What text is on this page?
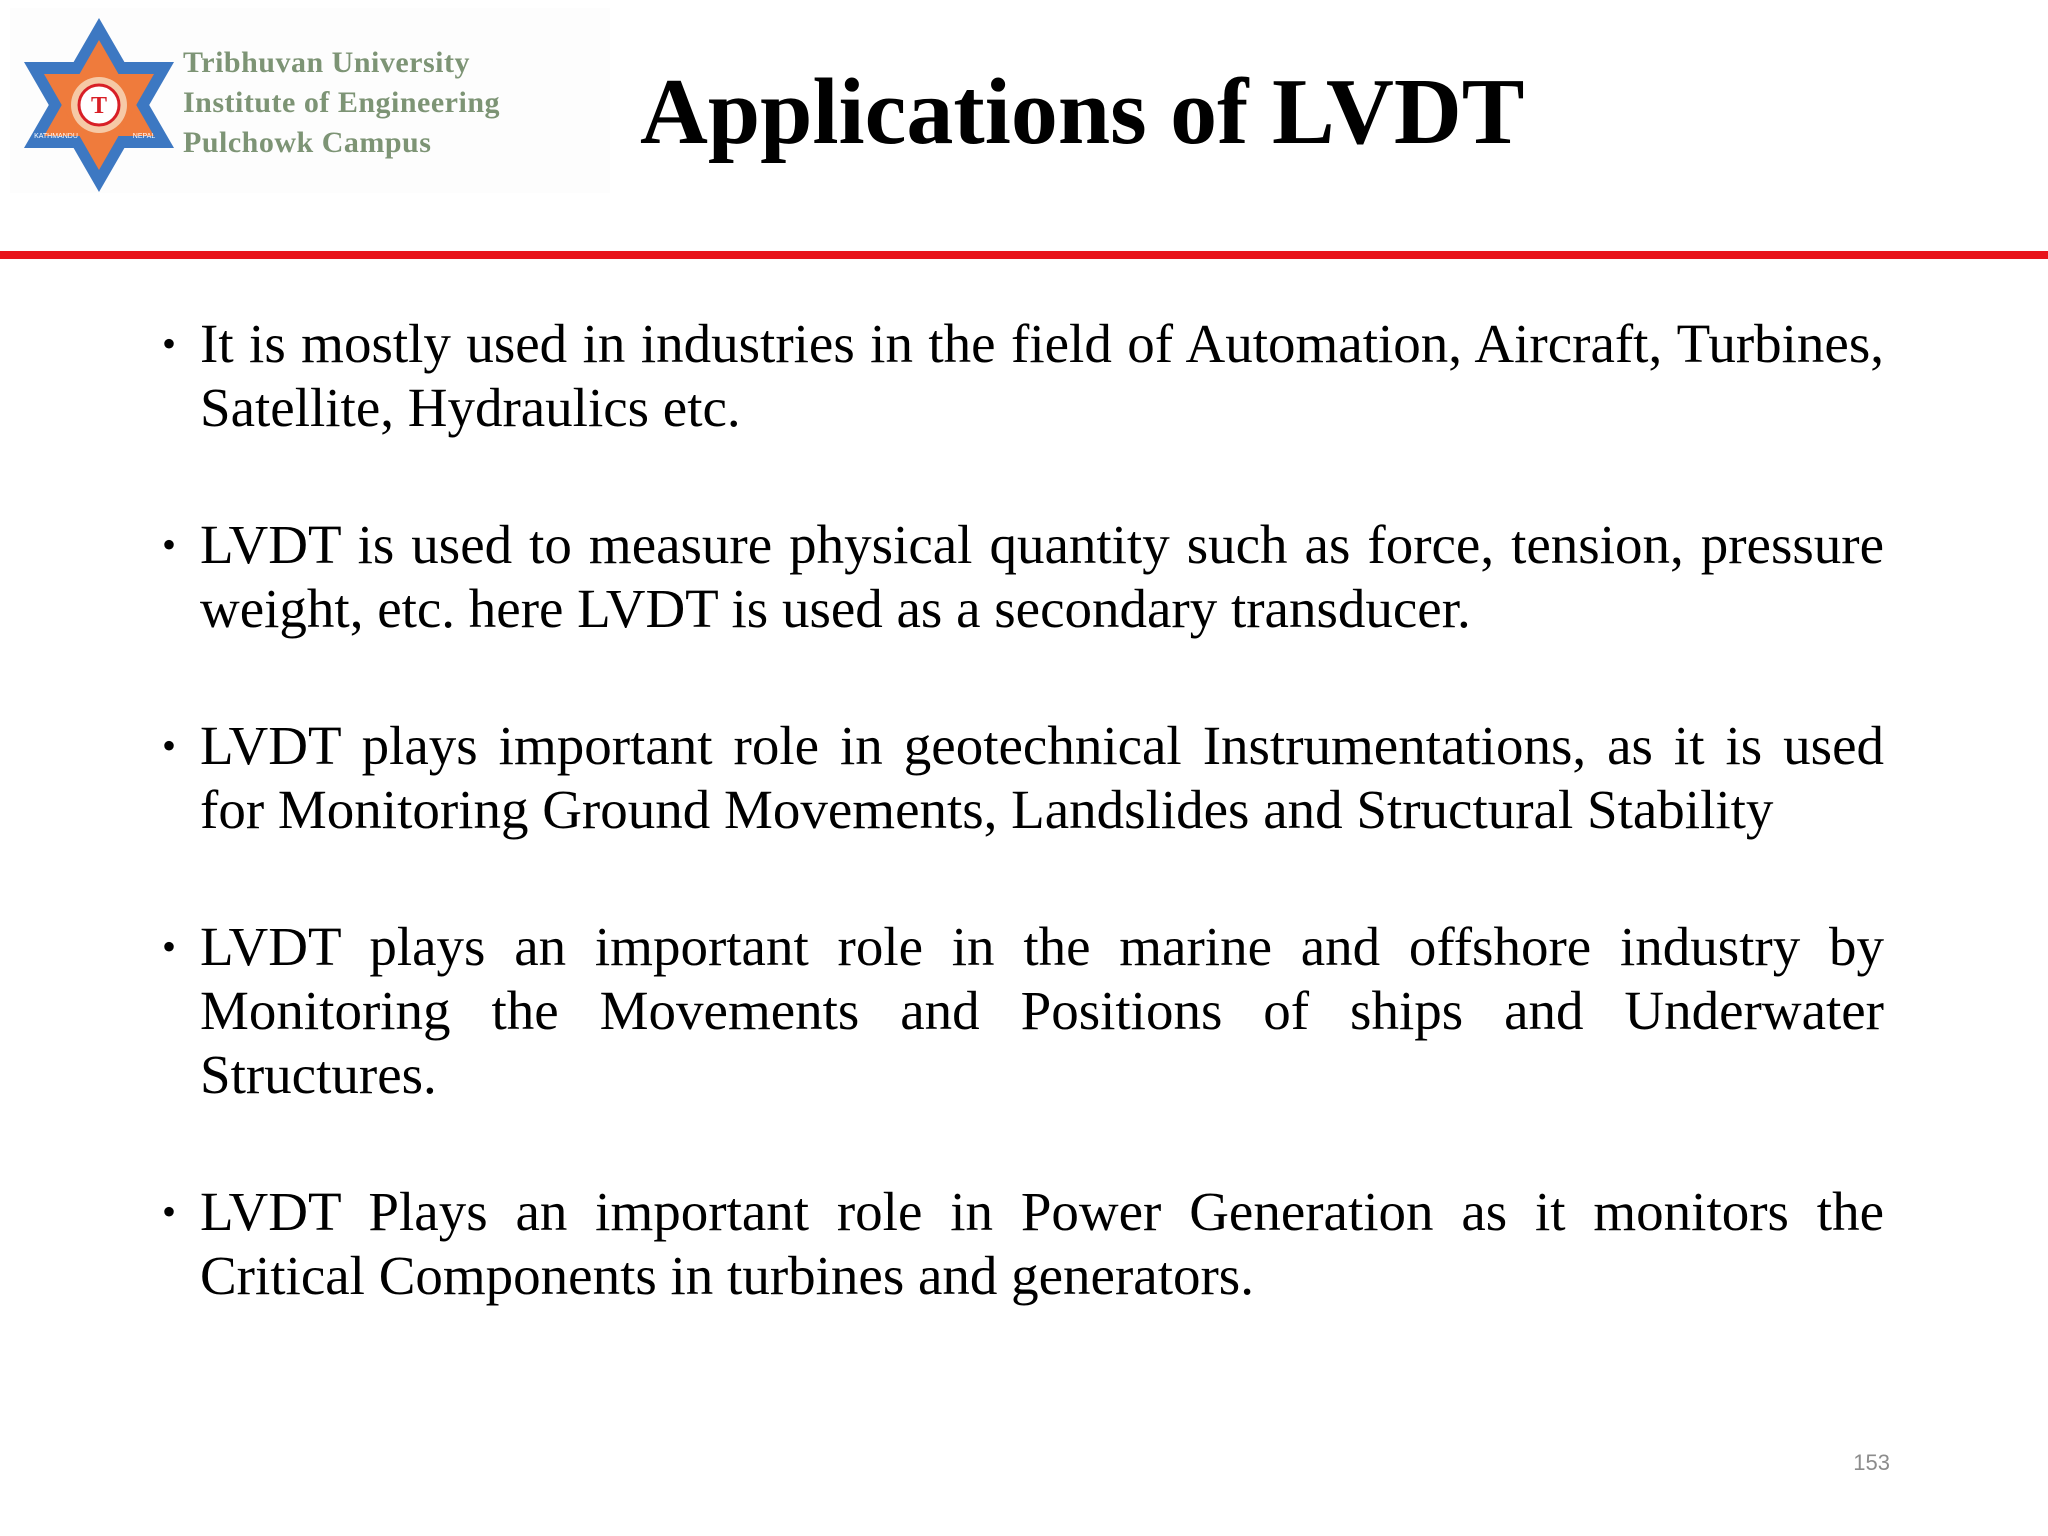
T
KATHMANDU	NEPAL
Tribhuvan University
Institute of Engineering
Pulchowk Campus	Applications of LVDT
• It is mostly used in industries in the field of Automation, Aircraft, Turbines, Satellite, Hydraulics etc.
• LVDT is used to measure physical quantity such as force, tension, pressure weight, etc. here LVDT is used as a secondary transducer.
• LVDT plays important role in geotechnical Instrumentations, as it is used for Monitoring Ground Movements, Landslides and Structural Stability
• LVDT plays an important role in the marine and offshore industry by Monitoring the Movements and Positions of ships and Underwater Structures.
• LVDT Plays an important role in Power Generation as it monitors the Critical Components in turbines and generators.
153
